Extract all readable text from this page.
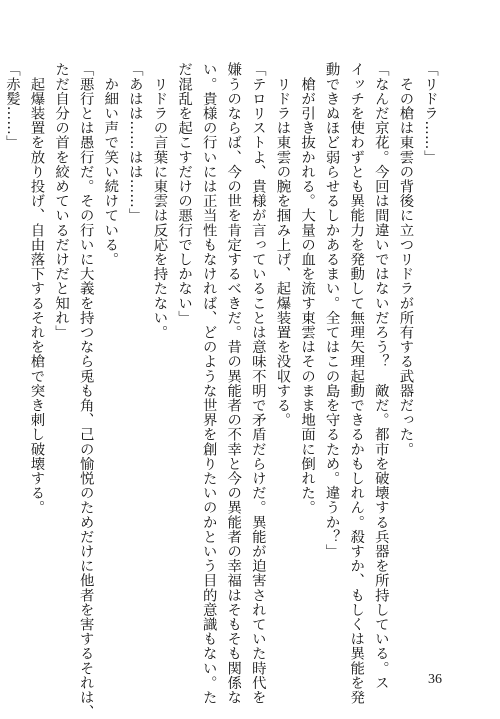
「リドラ……」
　その槍は東雲の背後に立つリドラが所有する武器だった。
「なんだ京花。今回は間違いではないだろう？　敵だ。都市を破壊する兵器を所持している。ス
イッチを使わずとも異能力を発動して無理矢理起動できるかもしれん。殺すか、もしくは異能を発
動できぬほど弱らせるしかあるまい。全てはこの島を守るため。違うか？」
　槍が引き抜かれる。大量の血を流す東雲はそのまま地面に倒れた。
　リドラは東雲の腕を掴み上げ、起爆装置を没収する。
「テロリストよ、貴様が言っていることは意味不明で矛盾だらけだ。異能が迫害されていた時代を
嫌うのならば、今の世を肯定するべきだ。昔の異能者の不幸と今の異能者の幸福はそもそも関係な
い。貴様の行いには正当性もなければ、どのような世界を創りたいのかという目的意識もない。た
だ混乱を起こすだけの悪行でしかない」
　リドラの言葉に東雲は反応を持たない。
「あはは……はは……」
　か細い声で笑い続けている。
「悪行とは愚行だ。その行いに大義を持つなら兎も角、己の愉悦のためだけに他者を害するそれは、
ただ自分の首を絞めているだけだと知れ」
　起爆装置を放り投げ、自由落下するそれを槍で突き刺し破壊する。
「赤髪……」
36
